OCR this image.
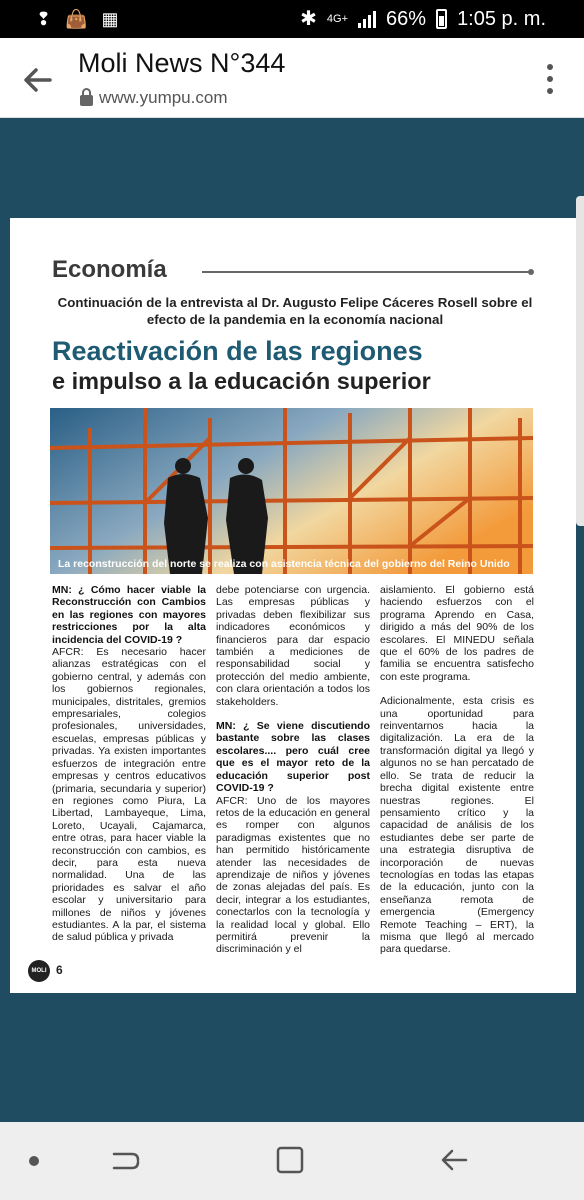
❢ 👜 ▦	✱ 4G+ 66% 1:05 p. m.
Moli News N°344
www.yumpu.com
Economía
Continuación de la entrevista al Dr. Augusto Felipe Cáceres Rosell sobre el efecto de la pandemia en la economía nacional
Reactivación de las regiones
e impulso a la educación superior
La reconstrucción del norte se realiza con asistencia técnica del gobierno del Reino Unido

MN: ¿ Cómo hacer viable la Reconstrucción con Cambios en las regiones con mayores restricciones por la alta incidencia del COVID-19 ?
AFCR: Es necesario hacer alianzas estratégicas con el gobierno central, y además con los gobiernos regionales, municipales, distritales, gremios empresariales, colegios profesionales, universidades, escuelas, empresas públicas y privadas. Ya existen importantes esfuerzos de integración entre empresas y centros educativos (primaria, secundaria y superior) en regiones como Piura, La Libertad, Lambayeque, Lima, Loreto, Ucayali, Cajamarca, entre otras, para hacer viable la reconstrucción con cambios, es decir, para esta nueva normalidad. Una de las prioridades es salvar el año escolar y universitario para millones de niños y jóvenes estudiantes. A la par, el sistema de salud pública y privada

debe potenciarse con urgencia. Las empresas públicas y privadas deben flexibilizar sus indicadores económicos y financieros para dar espacio también a mediciones de responsabilidad social y protección del medio ambiente, con clara orientación a todos los stakeholders.

MN: ¿ Se viene discutiendo bastante sobre las clases escolares.... pero cuál cree que es el mayor reto de la educación superior post COVID-19 ?
AFCR: Uno de los mayores retos de la educación en general es romper con algunos paradigmas existentes que no han permitido históricamente atender las necesidades de aprendizaje de niños y jóvenes de zonas alejadas del país. Es decir, integrar a los estudiantes, conectarlos con la tecnología y la realidad local y global. Ello permitirá prevenir la discriminación y el

aislamiento. El gobierno está haciendo esfuerzos con el programa Aprendo en Casa, dirigido a más del 90% de los escolares. El MINEDU señala que el 60% de los padres de familia se encuentra satisfecho con este programa.

Adicionalmente, esta crisis es una oportunidad para reinventarnos hacia la digitalización. La era de la transformación digital ya llegó y algunos no se han percatado de ello. Se trata de reducir la brecha digital existente entre nuestras regiones. El pensamiento crítico y la capacidad de análisis de los estudiantes debe ser parte de una estrategia disruptiva de incorporación de nuevas tecnologías en todas las etapas de la educación, junto con la enseñanza remota de emergencia (Emergency Remote Teaching – ERT), la misma que llegó al mercado para quedarse.

MOLI 6
